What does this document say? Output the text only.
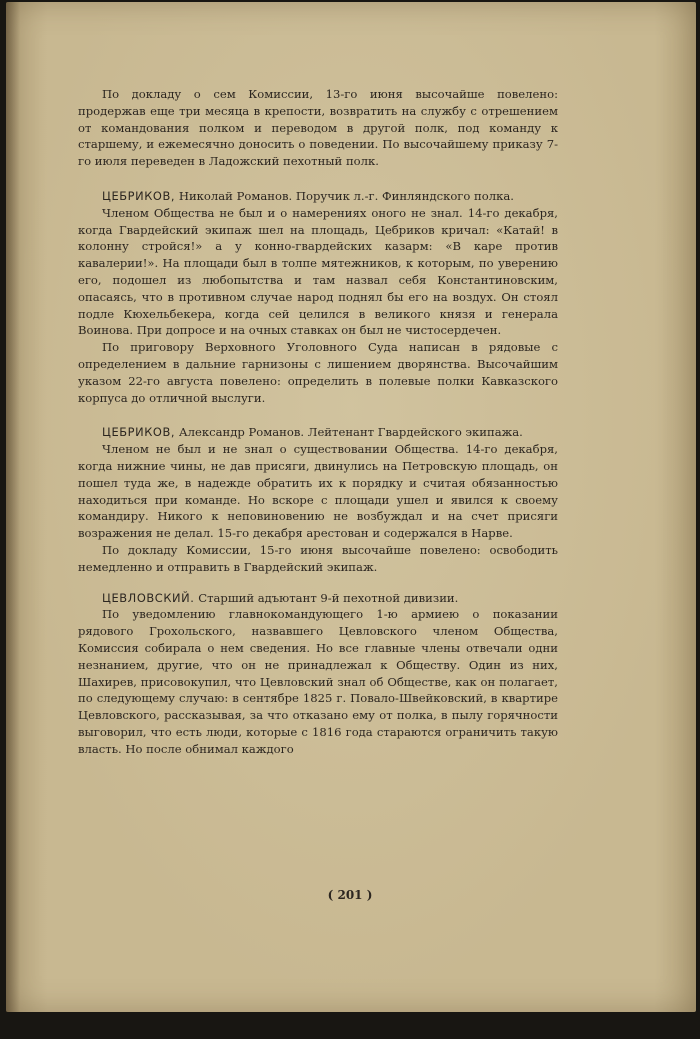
По докладу о сем Комиссии, 13-го июня высочайше повелено: продержав еще три месяца в крепости, возвратить на службу с отрешением от командования полком и переводом в другой полк, под команду к старшему, и ежемесячно доносить о поведении. По высочайшему приказу 7-го июля переведен в Ладожский пехотный полк.

ЦЕБРИКОВ, Николай Романов. Поручик л.-г. Финляндского полка.

Членом Общества не был и о намерениях оного не знал. 14-го декабря, когда Гвардейский экипаж шел на площадь, Цебриков кричал: «Катай! в колонну стройся!» а у конно-гвардейских казарм: «В каре против кавалерии!». На площади был в толпе мятежников, к которым, по уверению его, подошел из любопытства и там назвал себя Константиновским, опасаясь, что в противном случае народ поднял бы его на воздух. Он стоял подле Кюхельбекера, когда сей целился в великого князя и генерала Воинова. При допросе и на очных ставках он был не чистосердечен.

По приговору Верховного Уголовного Суда написан в рядовые с определением в дальние гарнизоны с лишением дворянства. Высочайшим указом 22-го августа повелено: определить в полевые полки Кавказского корпуса до отличной выслуги.

ЦЕБРИКОВ, Александр Романов. Лейтенант Гвардейского экипажа.

Членом не был и не знал о существовании Общества. 14-го декабря, когда нижние чины, не дав присяги, двинулись на Петровскую площадь, он пошел туда же, в надежде обратить их к порядку и считая обязанностью находиться при команде. Но вскоре с площади ушел и явился к своему командиру. Никого к неповиновению не возбуждал и на счет присяги возражения не делал. 15-го декабря арестован и содержался в Нарве.

По докладу Комиссии, 15-го июня высочайше повелено: освободить немедленно и отправить в Гвардейский экипаж.

ЦЕВЛОВСКИЙ. Старший адъютант 9-й пехотной дивизии.

По уведомлению главнокомандующего 1-ю армиею о показании рядового Грохольского, назвавшего Цевловского членом Общества, Комиссия собирала о нем сведения. Но все главные члены отвечали одни незнанием, другие, что он не принадлежал к Обществу. Один из них, Шахирев, присовокупил, что Цевловский знал об Обществе, как он полагает, по следующему случаю: в сентябре 1825 г. Повало-Швейковский, в квартире Цевловского, рассказывая, за что отказано ему от полка, в пылу горячности выговорил, что есть люди, которые с 1816 года стараются ограничить такую власть. Но после обнимал каждого

( 201 )
